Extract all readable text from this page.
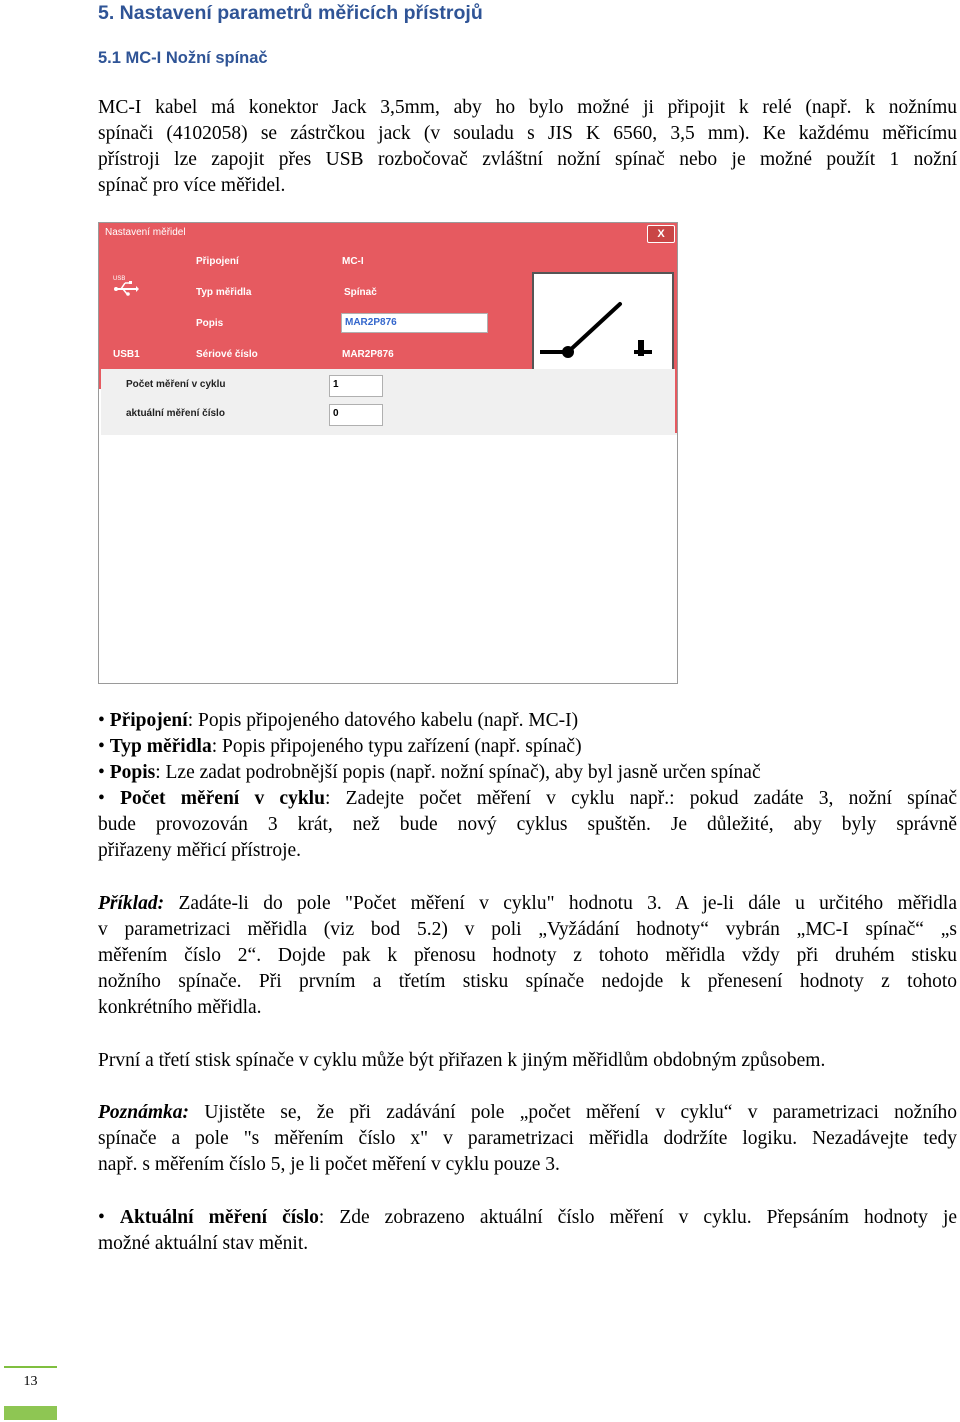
5. Nastavení parametrů měřicích přístrojů
5.1 MC-I Nožní spínač
MC-I kabel má konektor Jack 3,5mm, aby ho bylo možné ji připojit k relé (např. k nožnímu
spínači (4102058) se zástrčkou jack (v souladu s JIS K 6560, 3,5 mm). Ke každému měřicímu
přístroji lze zapojit přes USB rozbočovač zvláštní nožní spínač nebo je možné použít 1 nožní
spínač pro více měřidel.
Nastavení měřidel	X
USB
Připojení	MC-I
Typ měřidla	Spínač
Popis	MAR2P876
USB1	Sériové číslo	MAR2P876
Počet měření v cyklu	1
aktuální měření číslo	0
• Připojení: Popis připojeného datového kabelu (např. MC-I)
• Typ měřidla: Popis připojeného typu zařízení (např. spínač)
• Popis: Lze zadat podrobnější popis (např. nožní spínač), aby byl jasně určen spínač
• Počet měření v cyklu: Zadejte počet měření v cyklu např.: pokud zadáte 3, nožní spínač
bude provozován 3 krát, než bude nový cyklus spuštěn. Je důležité, aby byly správně
přiřazeny měřicí přístroje.
Příklad: Zadáte-li do pole "Počet měření v cyklu" hodnotu 3. A je-li dále u určitého měřidla
v parametrizaci měřidla (viz bod 5.2) v poli „Vyžádání hodnoty“ vybrán „MC-I spínač“ „s
měřením číslo 2“. Dojde pak k přenosu hodnoty z tohoto měřidla vždy při druhém stisku
nožního spínače. Při prvním a třetím stisku spínače nedojde k přenesení hodnoty z tohoto
konkrétního měřidla.
První a třetí stisk spínače v cyklu může být přiřazen k jiným měřidlům obdobným způsobem.
Poznámka: Ujistěte se, že při zadávání pole „počet měření v cyklu“ v parametrizaci nožního
spínače a pole "s měřením číslo x" v parametrizaci měřidla dodržíte logiku. Nezadávejte tedy
např. s měřením číslo 5, je li počet měření v cyklu pouze 3.
• Aktuální měření číslo: Zde zobrazeno aktuální číslo měření v cyklu. Přepsáním hodnoty je
možné aktuální stav měnit.
13
